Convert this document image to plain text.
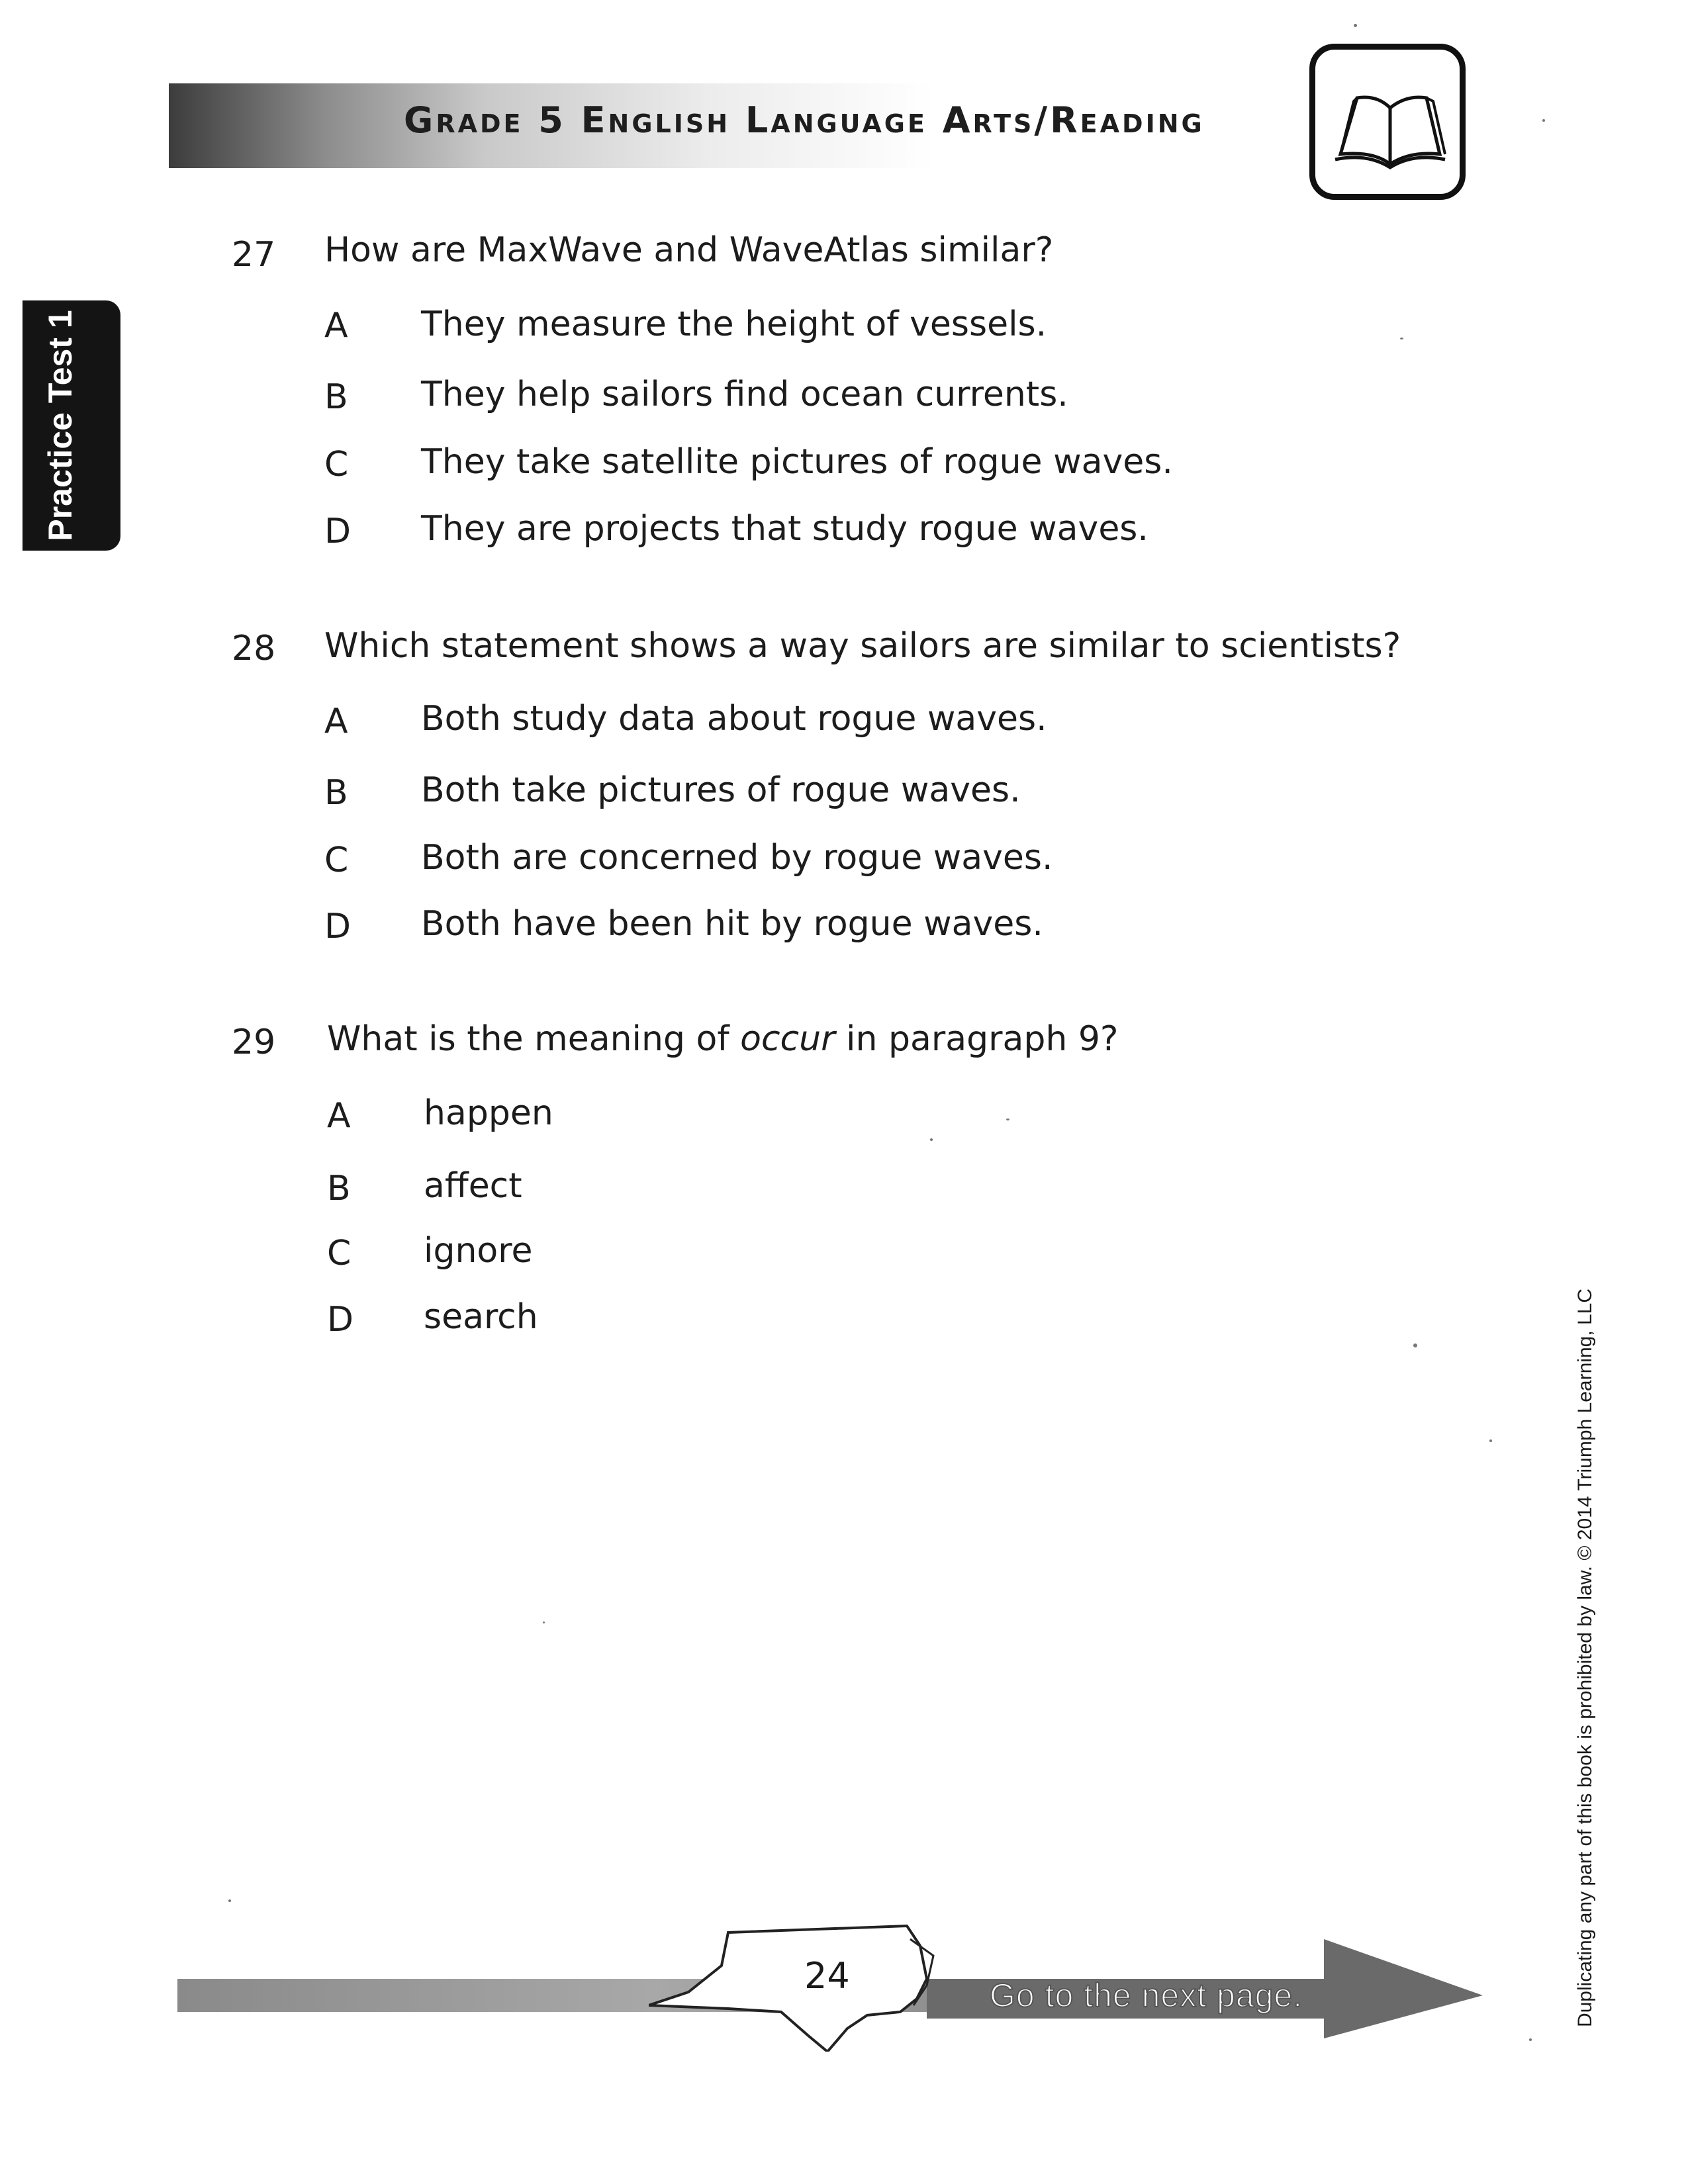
Grade 5 English Language Arts/Reading
Practice Test 1
27 How are MaxWave and WaveAtlas similar?
A They measure the height of vessels.
B They help sailors find ocean currents.
C They take satellite pictures of rogue waves.
D They are projects that study rogue waves.
28 Which statement shows a way sailors are similar to scientists?
A Both study data about rogue waves.
B Both take pictures of rogue waves.
C Both are concerned by rogue waves.
D Both have been hit by rogue waves.
29 What is the meaning of occur in paragraph 9?
A happen
B affect
C ignore
D search
24	Go to the next page.	Duplicating any part of this book is prohibited by law. © 2014 Triumph Learning, LLC
